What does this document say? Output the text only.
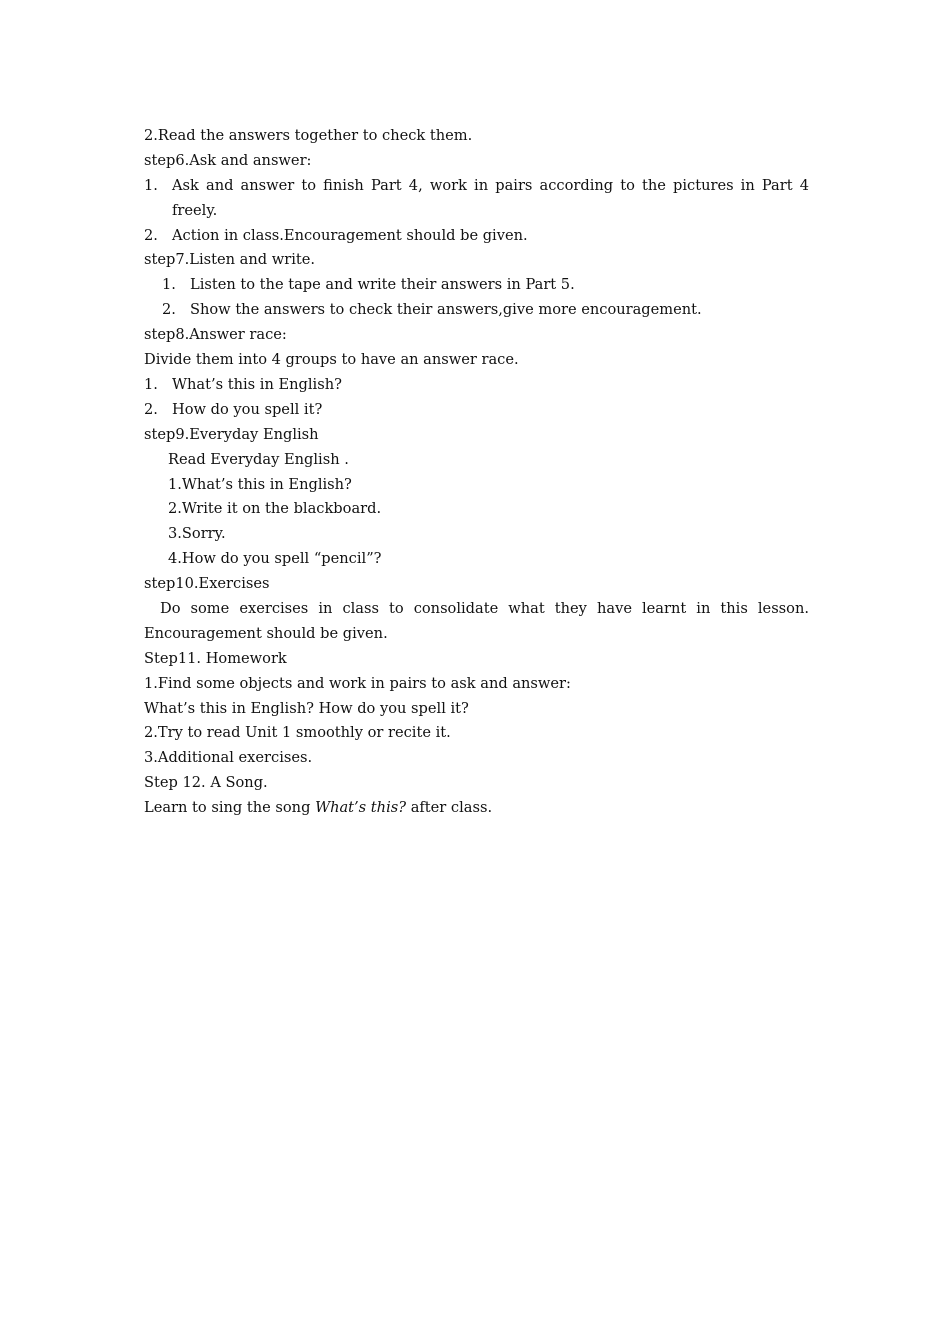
2.Read the answers together to check them.
step6.Ask and answer:
1. Ask and answer to finish Part 4, work in pairs according to the pictures in Part 4 freely.
2. Action in class.Encouragement should be given.
step7.Listen and write.
1. Listen to the tape and write their answers in Part 5.
2. Show the answers to check their answers,give more encouragement.
step8.Answer race:
Divide them into 4 groups to have an answer race.
1. What’s this in English?
2. How do you spell it?
step9.Everyday English
Read Everyday English .
1.What’s this in English?
2.Write it on the blackboard.
3.Sorry.
4.How do you spell “pencil”?
step10.Exercises
Do some exercises in class to consolidate what they have learnt in this lesson. Encouragement should be given.
Step11. Homework
1.Find some objects and work in pairs to ask and answer:
What’s this in English? How do you spell it?
2.Try to read Unit 1 smoothly or recite it.
3.Additional exercises.
Step 12. A Song.
Learn to sing the song What’s this? after class.
